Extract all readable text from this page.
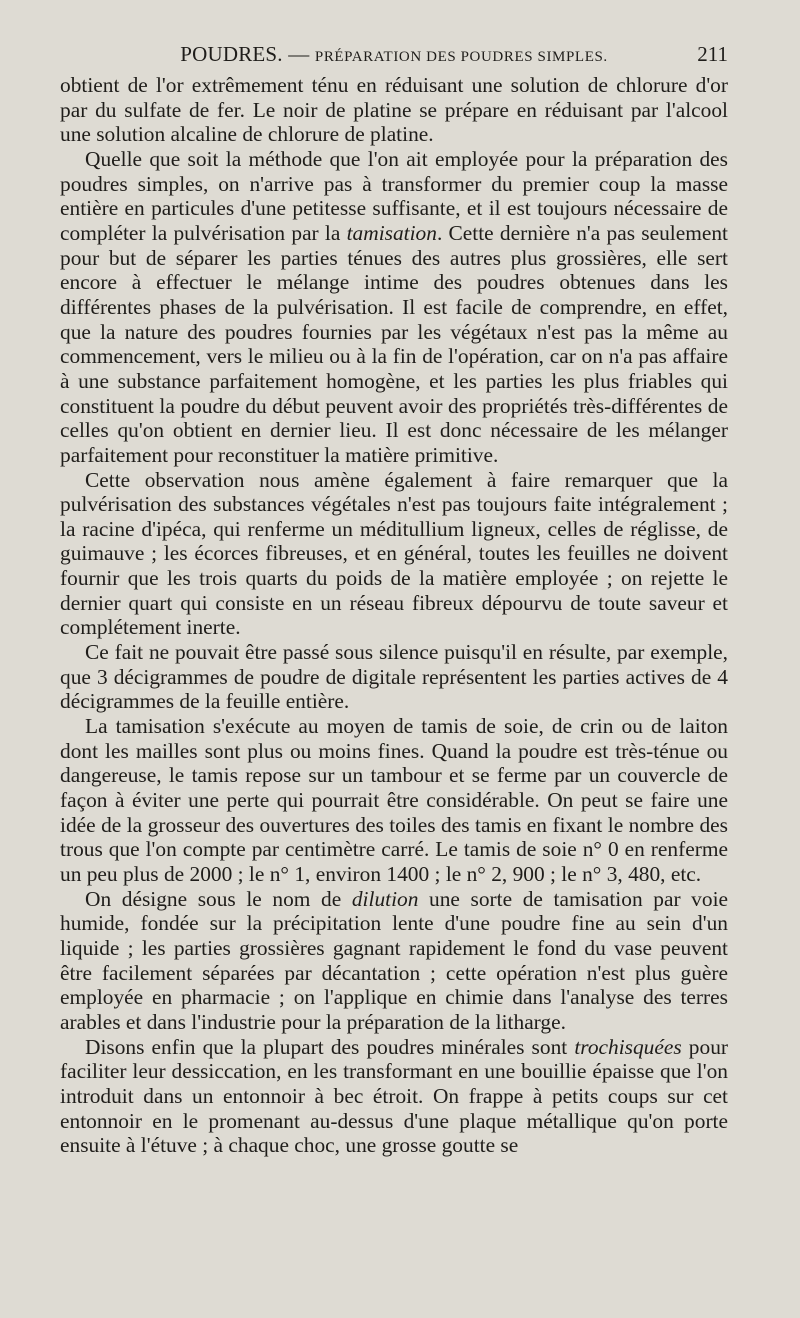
POUDRES. — PRÉPARATION DES POUDRES SIMPLES.	211

obtient de l'or extrêmement ténu en réduisant une solution de chlorure d'or par du sulfate de fer. Le noir de platine se prépare en réduisant par l'alcool une solution alcaline de chlorure de platine.

Quelle que soit la méthode que l'on ait employée pour la préparation des poudres simples, on n'arrive pas à transformer du premier coup la masse entière en particules d'une petitesse suffisante, et il est toujours nécessaire de compléter la pulvérisation par la tamisation. Cette dernière n'a pas seulement pour but de séparer les parties ténues des autres plus grossières, elle sert encore à effectuer le mélange intime des poudres obtenues dans les différentes phases de la pulvérisation. Il est facile de comprendre, en effet, que la nature des poudres fournies par les végétaux n'est pas la même au commencement, vers le milieu ou à la fin de l'opération, car on n'a pas affaire à une substance parfaitement homogène, et les parties les plus friables qui constituent la poudre du début peuvent avoir des propriétés très-différentes de celles qu'on obtient en dernier lieu. Il est donc nécessaire de les mélanger parfaitement pour reconstituer la matière primitive.

Cette observation nous amène également à faire remarquer que la pulvérisation des substances végétales n'est pas toujours faite intégralement ; la racine d'ipéca, qui renferme un méditullium ligneux, celles de réglisse, de guimauve ; les écorces fibreuses, et en général, toutes les feuilles ne doivent fournir que les trois quarts du poids de la matière employée ; on rejette le dernier quart qui consiste en un réseau fibreux dépourvu de toute saveur et complétement inerte.

Ce fait ne pouvait être passé sous silence puisqu'il en résulte, par exemple, que 3 décigrammes de poudre de digitale représentent les parties actives de 4 décigrammes de la feuille entière.

La tamisation s'exécute au moyen de tamis de soie, de crin ou de laiton dont les mailles sont plus ou moins fines. Quand la poudre est très-ténue ou dangereuse, le tamis repose sur un tambour et se ferme par un couvercle de façon à éviter une perte qui pourrait être considérable. On peut se faire une idée de la grosseur des ouvertures des toiles des tamis en fixant le nombre des trous que l'on compte par centimètre carré. Le tamis de soie n° 0 en renferme un peu plus de 2000 ; le n° 1, environ 1400 ; le n° 2, 900 ; le n° 3, 480, etc.

On désigne sous le nom de dilution une sorte de tamisation par voie humide, fondée sur la précipitation lente d'une poudre fine au sein d'un liquide ; les parties grossières gagnant rapidement le fond du vase peuvent être facilement séparées par décantation ; cette opération n'est plus guère employée en pharmacie ; on l'applique en chimie dans l'analyse des terres arables et dans l'industrie pour la préparation de la litharge.

Disons enfin que la plupart des poudres minérales sont trochisquées pour faciliter leur dessiccation, en les transformant en une bouillie épaisse que l'on introduit dans un entonnoir à bec étroit. On frappe à petits coups sur cet entonnoir en le promenant au-dessus d'une plaque métallique qu'on porte ensuite à l'étuve ; à chaque choc, une grosse goutte se
